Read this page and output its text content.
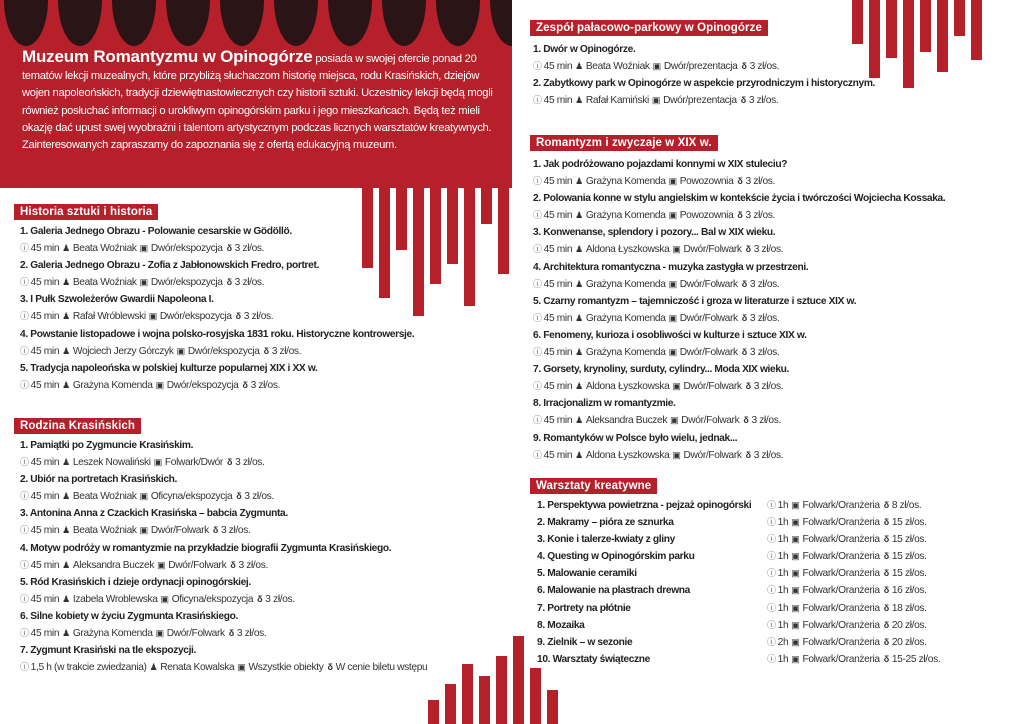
Muzeum Romantyzmu w Opinogórze posiada w swojej ofercie ponad 20 tematów lekcji muzealnych, które przybliżą słuchaczom historię miejsca, rodu Krasińskich, dziejów wojen napoleońskich, tradycji dziewiętnastowiecznych czy historii sztuki. Uczestnicy lekcji będą mogli również posłuchać informacji o urokliwym opinogórskim parku i jego mieszkańcach. Będą też mieli okazję dać upust swej wyobraźni i talentom artystycznym podczas licznych warsztatów kreatywnych. Zainteresowanych zapraszamy do zapoznania się z ofertą edukacyjną muzeum.
Historia sztuki i historia
Rodzina Krasińskich
Zespół pałacowo-parkowy w Opinogórze
Romantyzm i zwyczaje w XIX w.
Warsztaty kreatywne
1. Galeria Jednego Obrazu - Polowanie cesarskie w Gödöllö.
ⓘ 45 min ♟ Beata Woźniak ▣ Dwór/ekspozycja δ 3 zł/os.
2. Galeria Jednego Obrazu - Zofia z Jabłonowskich Fredro, portret.
ⓘ 45 min ♟ Beata Woźniak ▣ Dwór/ekspozycja δ 3 zł/os.
3. I Pułk Szwoleżerów Gwardii Napoleona I.
ⓘ 45 min ♟ Rafał Wróblewski ▣ Dwór/ekspozycja δ 3 zł/os.
4. Powstanie listopadowe i wojna polsko-rosyjska 1831 roku. Historyczne kontrowersje.
ⓘ 45 min ♟ Wojciech Jerzy Górczyk ▣ Dwór/ekspozycja δ 3 zł/os.
5. Tradycja napoleońska w polskiej kulturze popularnej XIX i XX w.
ⓘ 45 min ♟ Grażyna Komenda ▣ Dwór/ekspozycja δ 3 zł/os.
1. Pamiątki po Zygmuncie Krasińskim.
ⓘ 45 min ♟ Leszek Nowaliński ▣ Folwark/Dwór δ 3 zł/os.
2. Ubiór na portretach Krasińskich.
ⓘ 45 min ♟ Beata Woźniak ▣ Oficyna/ekspozycja δ 3 zł/os.
3. Antonina Anna z Czackich Krasińska – babcia Zygmunta.
ⓘ 45 min ♟ Beata Woźniak ▣ Dwór/Folwark δ 3 zł/os.
4. Motyw podróży w romantyzmie na przykładzie biografii Zygmunta Krasińskiego.
ⓘ 45 min ♟ Aleksandra Buczek ▣ Dwór/Folwark δ 3 zł/os.
5. Ród Krasińskich i dzieje ordynacji opinogórskiej.
ⓘ 45 min ♟ Izabela Wroblewska ▣ Oficyna/ekspozycja δ 3 zł/os.
6. Silne kobiety w życiu Zygmunta Krasińskiego.
ⓘ 45 min ♟ Grażyna Komenda ▣ Dwór/Folwark δ 3 zł/os.
7. Zygmunt Krasiński na tle ekspozycji.
ⓘ 1,5 h (w trakcie zwiedzania) ♟ Renata Kowalska ▣ Wszystkie obiekty δ W cenie biletu wstępu
1. Dwór w Opinogórze.
ⓘ 45 min ♟ Beata Woźniak ▣ Dwór/prezentacja δ 3 zł/os.
2. Zabytkowy park w Opinogórze w aspekcie przyrodniczym i historycznym.
ⓘ 45 min ♟ Rafał Kamiński ▣ Dwór/prezentacja δ 3 zł/os.
1. Jak podróżowano pojazdami konnymi w XIX stuleciu?
ⓘ 45 min ♟ Grażyna Komenda ▣ Powozownia δ 3 zł/os.
2. Polowania konne w stylu angielskim w kontekście życia i twórczości Wojciecha Kossaka.
ⓘ 45 min ♟ Grażyna Komenda ▣ Powozownia δ 3 zł/os.
3. Konwenanse, splendory i pozory... Bal w XIX wieku.
ⓘ 45 min ♟ Aldona Łyszkowska ▣ Dwór/Folwark δ 3 zł/os.
4. Architektura romantyczna - muzyka zastygła w przestrzeni.
ⓘ 45 min ♟ Grażyna Komenda ▣ Dwór/Folwark δ 3 zł/os.
5. Czarny romantyzm – tajemniczość i groza w literaturze i sztuce XIX w.
ⓘ 45 min ♟ Grażyna Komenda ▣ Dwór/Folwark δ 3 zł/os.
6. Fenomeny, kurioza i osobliwości w kulturze i sztuce XIX w.
ⓘ 45 min ♟ Grażyna Komenda ▣ Dwór/Folwark δ 3 zł/os.
7. Gorsety, krynoliny, surduty, cylindry... Moda XIX wieku.
ⓘ 45 min ♟ Aldona Łyszkowska ▣ Dwór/Folwark δ 3 zł/os.
8. Irracjonalizm w romantyzmie.
ⓘ 45 min ♟ Aleksandra Buczek ▣ Dwór/Folwark δ 3 zł/os.
9. Romantyków w Polsce było wielu, jednak...
ⓘ 45 min ♟ Aldona Łyszkowska ▣ Dwór/Folwark δ 3 zł/os.
1. Perspektywa powietrzna - pejzaż opinogórski ⓘ 1h ▣ Folwark/Oranżeria δ 8 zł/os.
2. Makramy – pióra ze sznurka	ⓘ 1h ▣ Folwark/Oranżeria δ 15 zł/os.
3. Konie i talerze-kwiaty z gliny	ⓘ 1h ▣ Folwark/Oranżeria δ 15 zł/os.
4. Questing w Opinogórskim parku	ⓘ 1h ▣ Folwark/Oranżeria δ 15 zł/os.
5. Malowanie ceramiki	ⓘ 1h ▣ Folwark/Oranżeria δ 15 zł/os.
6. Malowanie na plastrach drewna	ⓘ 1h ▣ Folwark/Oranżeria δ 16 zł/os.
7. Portrety na płótnie	ⓘ 1h ▣ Folwark/Oranżeria δ 18 zł/os.
8. Mozaika	ⓘ 1h ▣ Folwark/Oranżeria δ 20 zł/os.
9. Zielnik – w sezonie	ⓘ 2h ▣ Folwark/Oranżeria δ 20 zł/os.
10. Warsztaty świąteczne	ⓘ 1h ▣ Folwark/Oranżeria δ 15-25 zł/os.
